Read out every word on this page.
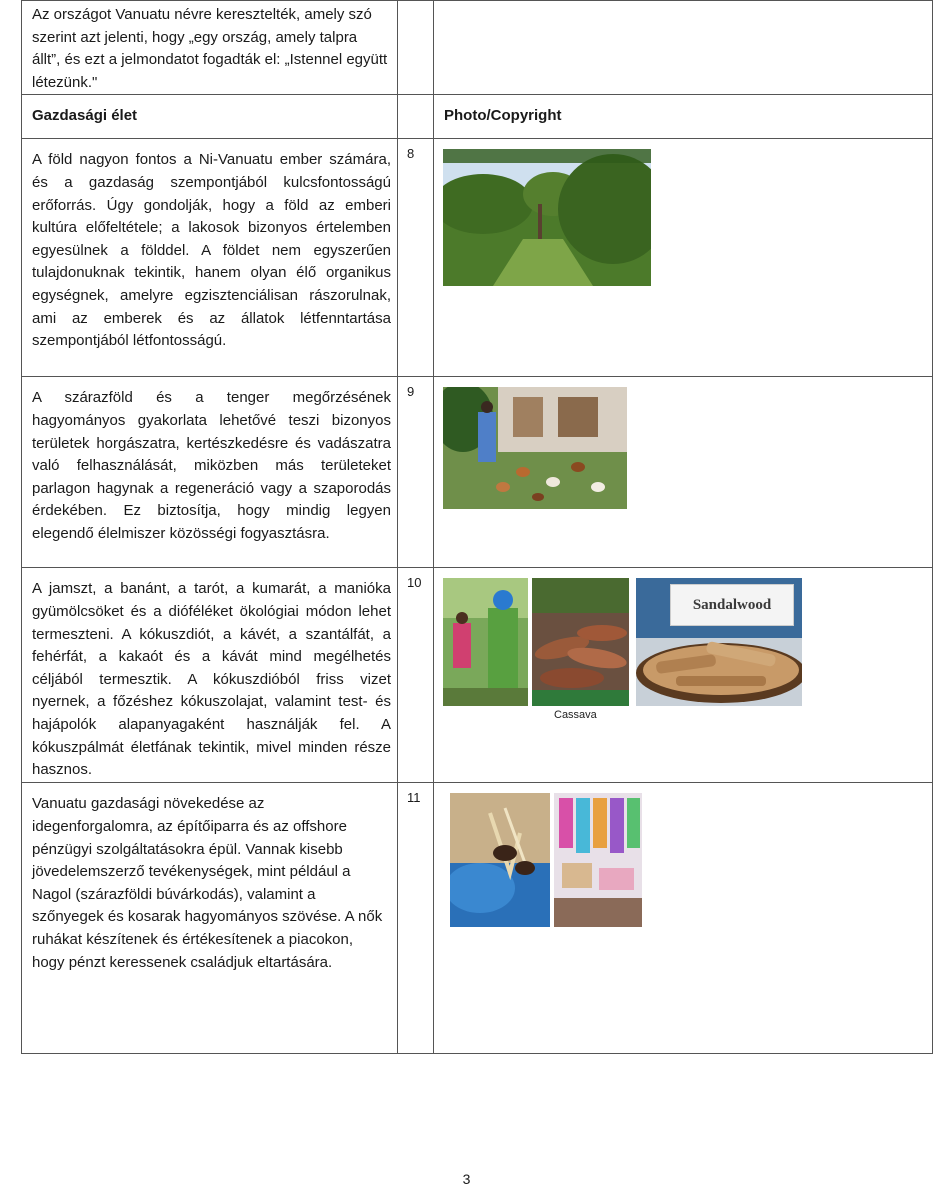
Az országot Vanuatu névre keresztelték, amely szó szerint azt jelenti, hogy „egy ország, amely talpra állt”, és ezt a jelmondatot fogadták el: „Istennel együtt létezünk."		

Gazdasági élet		Photo/Copyright

A föld nagyon fontos a Ni-Vanuatu ember számára, és a gazdaság szempontjából kulcsfontosságú erőforrás. Úgy gondolják, hogy a föld az emberi kultúra előfeltétele; a lakosok bizonyos értelemben egyesülnek a földdel. A földet nem egyszerűen tulajdonuknak tekintik, hanem olyan élő organikus egységnek, amelyre egzisztenciálisan rászorulnak, ami az emberek és az állatok létfenntartása szempontjából létfontosságú.	8

A szárazföld és a tenger megőrzésének hagyományos gyakorlata lehetővé teszi bizonyos területek horgászatra, kertészkedésre és vadászatra való felhasználását, miközben más területeket parlagon hagynak a regeneráció vagy a szaporodás érdekében. Ez biztosítja, hogy mindig legyen elegendő élelmiszer közösségi fogyasztásra.	9

A jamszt, a banánt, a tarót, a kumarát, a manióka gyümölcsöket és a dióféléket ökológiai módon lehet termeszteni. A kókuszdiót, a kávét, a szantálfát, a fehérfát, a kakaót és a kávát mind megélhetés céljából termesztik. A kókuszdióból friss vizet nyernek, a főzéshez kókuszolajat, valamint test- és hajápolók alapanyagaként használják fel. A kókuszpálmát életfának tekintik, mivel minden része hasznos.	10	Cassava
Sandalwood

Vanuatu gazdasági növekedése az idegenforgalomra, az építőiparra és az offshore pénzügyi szolgáltatásokra épül. Vannak kisebb jövedelemszerző tevékenységek, mint például a Nagol (szárazföldi búvárkodás), valamint a szőnyegek és kosarak hagyományos szövése. A nők ruhákat készítenek és értékesítenek a piacokon, hogy pénzt keressenek családjuk eltartására.	11

3
